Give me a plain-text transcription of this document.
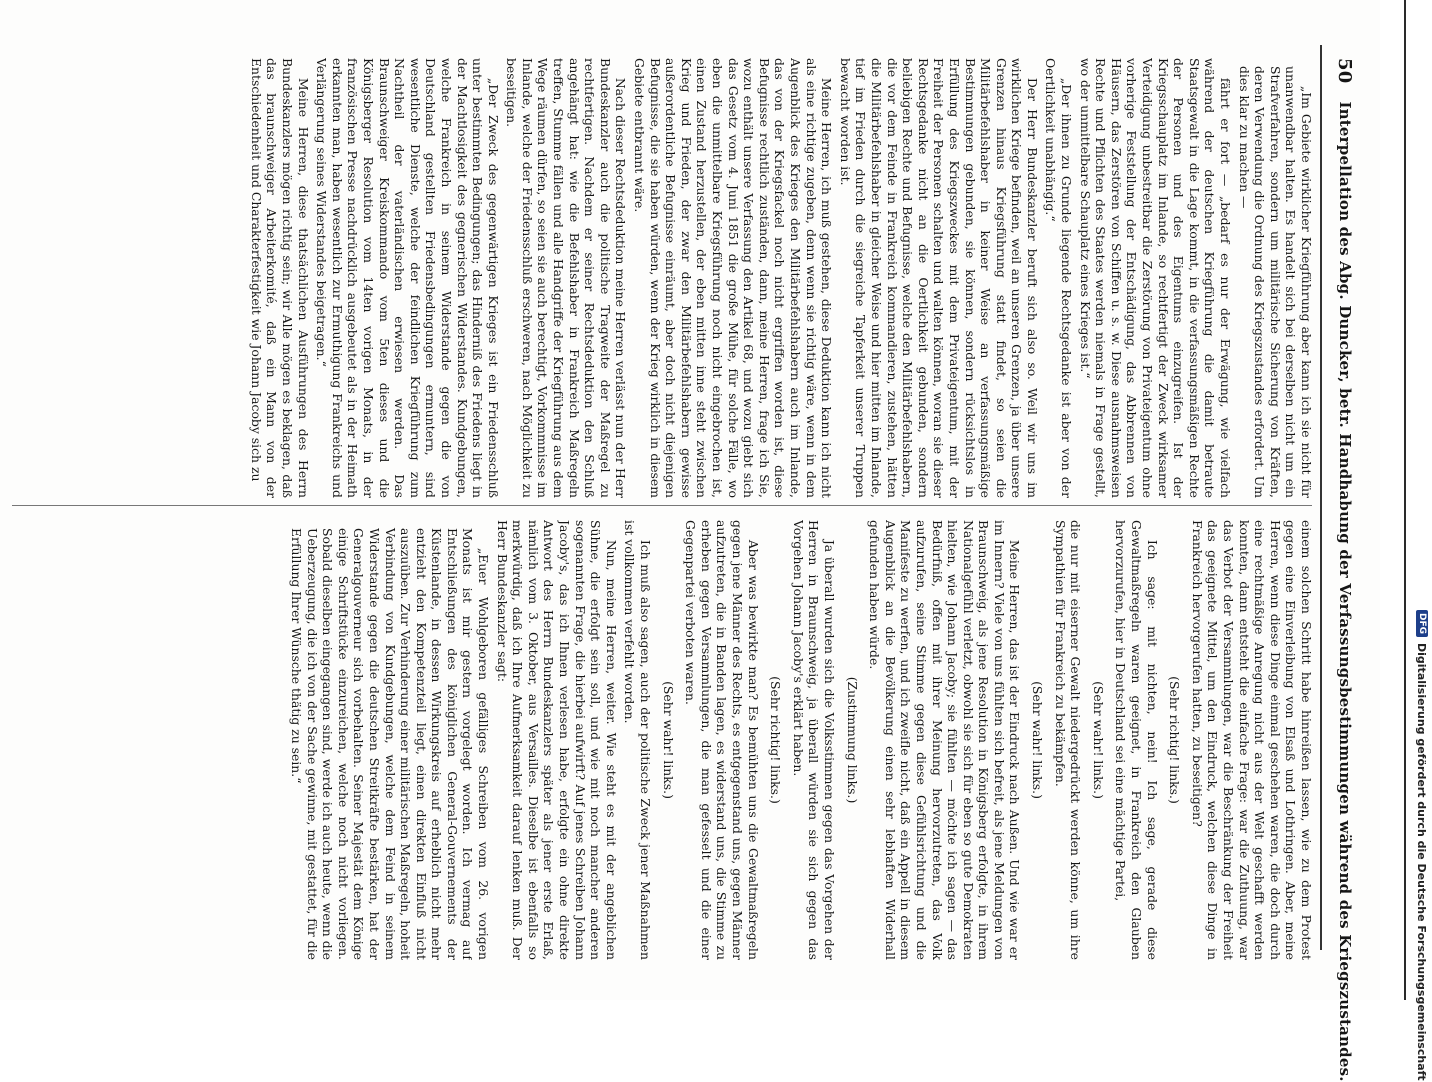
50
Interpellation des Abg. Duncker, betr. Handhabung der Verfassungsbestimmungen während des Kriegszustandes.

„Im Gebiete wirklicher Kriegführung aber kann ich sie nicht für unanwendbar halten. Es handelt sich bei derselben nicht um ein Strafverfahren, sondern um militärische Sicherung von Kräften, deren Verwendung die Ordnung des Kriegszustandes erfordert. Um dies klar zu machen —

fährt er fort — „bedarf es nur der Erwägung, wie vielfach während der deutschen Kriegführung die damit betraute Staatsgewalt in die Lage kommt, in die verfassungsmäßigen Rechte der Personen und des Eigentums einzugreifen. Ist der Kriegsschauplatz im Inlande, so rechtfertigt der Zweck wirksamer Verteidigung unbestreitbar die Zerstörung von Privateigentum ohne vorherige Feststellung der Entschädigung, das Abbrennen von Häusern, das Zerstören von Schiffen u. s. w. Diese ausnahmsweisen Rechte und Pflichten des Staates werden niemals in Frage gestellt, wo der unmittelbare Schauplatz eines Krieges ist.“

„Der ihnen zu Grunde liegende Rechtsgedanke ist aber von der Oertlichkeit unabhängig.“

Der Herr Bundeskanzler beruft sich also so. Weil wir uns im wirklichen Kriege befinden, weil an unseren Grenzen, ja über unsere Grenzen hinaus Kriegsführung statt findet, so seien die Militärbefehlshaber in keiner Weise an verfassungsmäßige Bestimmungen gebunden, sie können, sondern rücksichtslos in Erfüllung des Kriegszweckes mit dem Privateigentum, mit der Freiheit der Personen schalten und walten können, woran sie dieser Rechtsgedanke nicht an die Oertlichkeit gebunden, sondern beliebigen Rechte und Befugnisse, welche den Militärbefehlshabern, die vor dem Feinde in Frankreich kommandieren, zustehen, hätten die Militärbefehlshaber in gleicher Weise und hier mitten im Inlande, tief im Frieden durch die siegreiche Tapferkeit unserer Truppen bewacht worden ist.

Meine Herren, ich muß gestehen, diese Deduktion kann ich nicht als eine richtige zugeben, denn wenn sie richtig wäre, wenn in dem Augenblick des Krieges den Militärbefehlshabern auch im Inlande, das von der Kriegsfackel noch nicht ergriffen worden ist, diese Befugnisse rechtlich zuständen, dann, meine Herren, frage ich Sie, wozu enthält unsere Verfassung den Artikel 68, und wozu giebt sich das Gesetz vom 4. Juni 1851 die große Mühe, für solche Fälle, wo eben die unmittelbare Kriegsführung noch nicht eingebrochen ist, einen Zustand herzustellen, der eben mitten inne steht zwischen Krieg und Frieden, der zwar den Militärbefehlshabern gewisse außerordentliche Befugnisse einräumt, aber doch nicht diejenigen Befugnisse, die sie haben würden, wenn der Krieg wirklich in diesem Gebiete entbrannt wäre.

Nach dieser Rechtsdeduktion meine Herren verlässt nun der Herr Bundeskanzler auch die politische Tragweite der Maßregel zu rechtfertigen. Nachdem er seiner Rechtsdeduktion den Schluß angehängt hat: wie die Befehlshaber in Frankreich Maßregeln treffen, Stumme fällen und alle Handgriffe der Kriegführung aus dem Wege räumen dürfen, so seien sie auch berechtigt, Vorkommnisse im Inlande, welche der Friedensschluß erschweren, nach Möglichkeit zu beseitigen.

„Der Zweck des gegenwärtigen Krieges ist ein Friedensschluß unter bestimmten Bedingungen; das Hinderniß des Friedens liegt in der Machtlosigkeit des gegnerischen Widerstandes. Kundgebungen, welche Frankreich in seinem Widerstande gegen die von Deutschland gestellten Friedensbedingungen ermuntern, sind wesentliche Dienste, welche der feindlichen Kriegführung zum Nachtheil der vaterländischen erwiesen werden. Das Braunschweiger Kreiskommando vom 5ten dieses und die Königsberger Resolution vom 14ten vorigen Monats, in der französischen Presse nachdrücklich ausgebeutet als in der Heimath erkannten man, haben wesentlich zur Ermuthigung Frankreichs und Verlängerung seines Widerstandes beigetragen.“

Meine Herren, diese thatsächlichen Ausführungen des Herrn Bundeskanzlers mögen richtig sein; wir Alle mögen es beklagen, daß das braunschweiger Arbeiterkomité, daß ein Mann von der Entschiedenheit und Charakterfestigkeit wie Johann Jacoby sich zu

einem solchen Schritt habe hinreißen lassen, wie zu dem Protest gegen eine Einverleibung von Elsaß und Lothringen. Aber, meine Herren, wenn diese Dinge einmal geschehen waren, die doch durch eine rechtmäßige Anregung nicht aus der Welt geschafft werden konnten, dann entsteht die einfache Frage: war die Zuthuung, war das Verbot der Versammlungen, war die Beschränkung der Freiheit das geeignete Mittel, um den Eindruck, welchen diese Dinge in Frankreich hervorgerufen hatten, zu beseitigen?

(Sehr richtig! links.)

Ich sage: mit nichten, nein! Ich sage, gerade diese Gewaltmaßregeln waren geeignet, in Frankreich den Glauben hervorzurufen, hier in Deutschland sei eine mächtige Partei,

(Sehr wahr! links.)

die nur mit eiserner Gewalt niedergedrückt werden könne, um ihre Sympathien für Frankreich zu bekämpfen.

(Sehr wahr! links.)

Meine Herren, das ist der Eindruck nach Außen. Und wie war er im Innern? Viele von uns fühlten sich befreit, als jene Meldungen von Braunschweig, als jene Resolution in Königsberg erfolgte, in ihrem Nationalgefühl verletzt, obwohl sie sich für eben so gute Demokraten hielten, wie Johann Jacoby; sie fühlten — möchte ich sagen — das Bedürfniß, offen mit ihrer Meinung hervorzutreten, das Volk aufzurufen, seine Stimme gegen diese Gefühlsrichtung und die Manifeste zu werfen, und ich zweifle nicht, daß ein Appell in diesem Augenblick an die Bevölkerung einen sehr lebhaften Widerhall gefunden haben würde.

(Zustimmung links.)

Ja überall wurden sich die Volksstimmen gegen das Vorgehen der Herren in Braunschweig, ja überall würden sie sich gegen das Vorgehen Johann Jacoby's erklärt haben.

(Sehr richtig! links.)

Aber was bewirkte man? Es bemühten uns die Gewaltmaßregeln gegen jene Männer des Rechts, es entgegenstand uns, gegen Männer aufzutreten, die in Banden lagen, es widerstand uns, die Stimme zu erheben gegen Versammlungen, die man gefesselt und die einer Gegenpartei verboten waren.

(Sehr wahr! links.)

Ich muß also sagen, auch der politische Zweck jener Maßnahmen ist vollkommen verfehlt worden.

Nun, meine Herren, weiter. Wie steht es mit der angeblichen Sühne, die erfolgt sein soll, und wie mit noch mancher anderen sogenannten Frage, die hierbei aufwirft? Auf jenes Schreiben Johann Jacoby's, das ich Ihnen verlesen habe, erfolgte ein ohne direkte Antwort des Herrn Bundeskanzlers später als jener erste Erlaß, nämlich vom 3. Oktober, aus Versailles. Dieselbe ist ebenfalls so merkwürdig, daß ich Ihre Aufmerksamkeit darauf lenken muß. Der Herr Bundeskanzler sagt:

„Euer Wohlgeboren gefälliges Schreiben vom 26. vorigen Monats ist mir gestern vorgelegt worden. Ich vermag auf Entschließungen des königlichen General-Gouvernements der Küstenlande, in dessen Wirkungskreis auf erheblich nicht mehr entzieht den Kompetenzteil liegt, einen direkten Einfluß nicht auszuüben. Zur Verhinderung einer militärischen Maßregeln, hoheit Verbindung von Kundgebungen, welche dem Feind in seinem Widerstande gegen die deutschen Streitkräfte bestärken, hat der Generalgouverneur sich vorbehalten. Seiner Majestät dem Könige einige Schriftstücke einzureichen, welche noch nicht vorliegen. Sobald dieselben eingegangen sind, werde ich auch heute, wenn die Ueberzeugung, die ich von der Sache gewinne, mit gestattet, für die Erfüllung Ihrer Wünsche thätig zu sein.“	DFG
Digitalisierung gefördert durch die Deutsche Forschungsgemeinschaft
